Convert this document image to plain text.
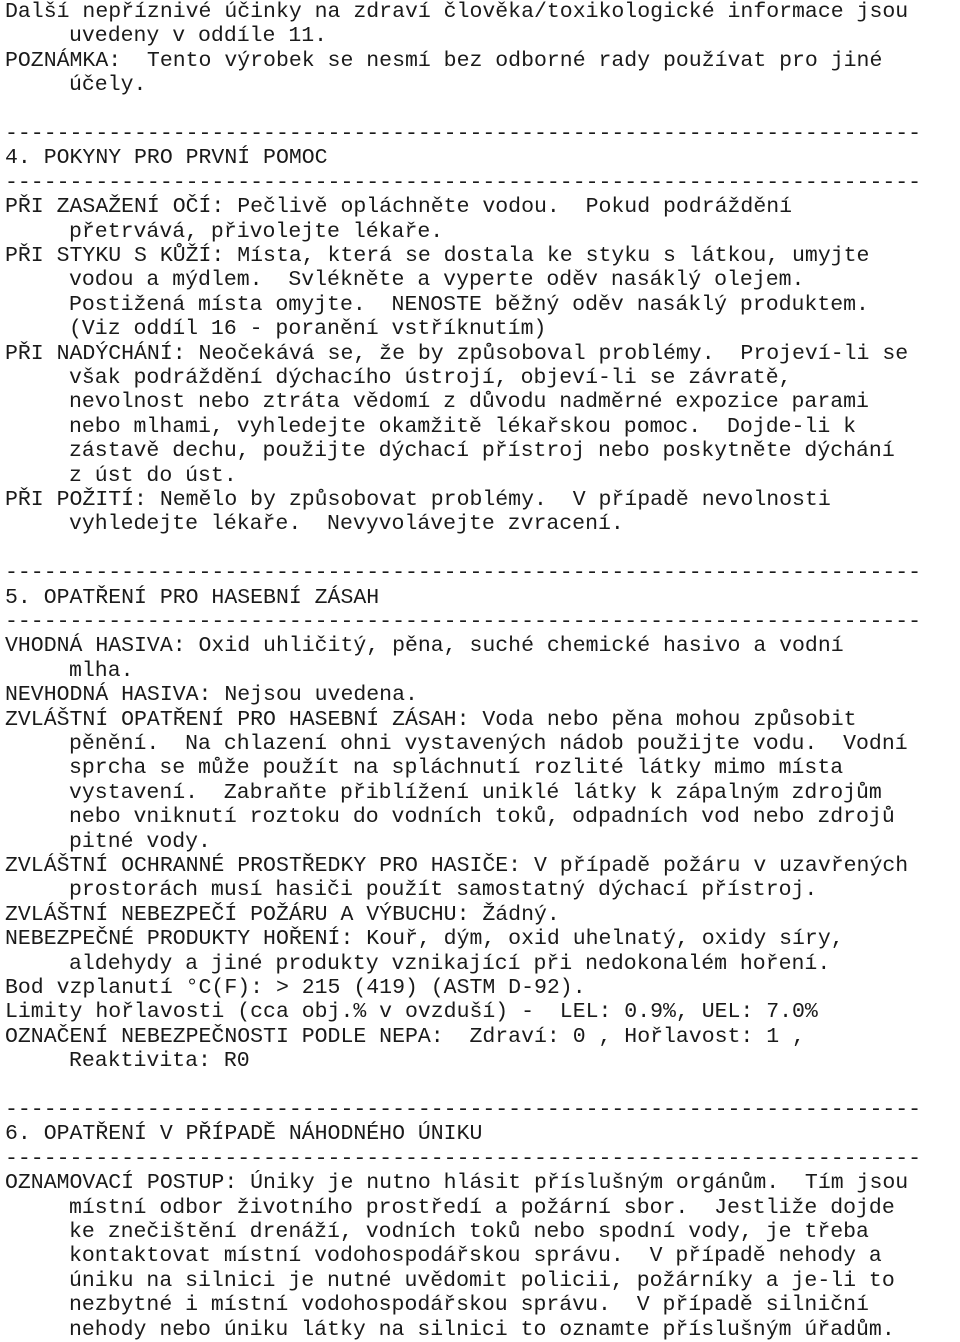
Další nepříznivé účinky na zdraví člověka/toxikologické informace jsou
uvedeny v oddíle 11.
POZNÁMKA:  Tento výrobek se nesmí bez odborné rady používat pro jiné
účely.
-----------------------------------------------------------------------
4. POKYNY PRO PRVNÍ POMOC
-----------------------------------------------------------------------
PŘI ZASAŽENÍ OČÍ: Pečlivě opláchněte vodou.  Pokud podráždění
přetrvává, přivolejte lékaře.
PŘI STYKU S KŮŽÍ: Místa, která se dostala ke styku s látkou, umyjte
vodou a mýdlem.  Svlékněte a vyperte oděv nasáklý olejem.
Postižená místa omyjte.  NENOSTE běžný oděv nasáklý produktem.
(Viz oddíl 16 - poranění vstříknutím)
PŘI NADÝCHÁNÍ: Neočekává se, že by způsoboval problémy.  Projeví-li se
však podráždění dýchacího ústrojí, objeví-li se závratě,
nevolnost nebo ztráta vědomí z důvodu nadměrné expozice parami
nebo mlhami, vyhledejte okamžitě lékařskou pomoc.  Dojde-li k
zástavě dechu, použijte dýchací přístroj nebo poskytněte dýchání
z úst do úst.
PŘI POŽITÍ: Nemělo by způsobovat problémy.  V případě nevolnosti
vyhledejte lékaře.  Nevyvolávejte zvracení.
-----------------------------------------------------------------------
5. OPATŘENÍ PRO HASEBNÍ ZÁSAH
-----------------------------------------------------------------------
VHODNÁ HASIVA: Oxid uhličitý, pěna, suché chemické hasivo a vodní
mlha.
NEVHODNÁ HASIVA: Nejsou uvedena.
ZVLÁŠTNÍ OPATŘENÍ PRO HASEBNÍ ZÁSAH: Voda nebo pěna mohou způsobit
pěnění.  Na chlazení ohni vystavených nádob použijte vodu.  Vodní
sprcha se může použít na spláchnutí rozlité látky mimo místa
vystavení.  Zabraňte přiblížení uniklé látky k zápalným zdrojům
nebo vniknutí roztoku do vodních toků, odpadních vod nebo zdrojů
pitné vody.
ZVLÁŠTNÍ OCHRANNÉ PROSTŘEDKY PRO HASIČE: V případě požáru v uzavřených
prostorách musí hasiči použít samostatný dýchací přístroj.
ZVLÁŠTNÍ NEBEZPEČÍ POŽÁRU A VÝBUCHU: Žádný.
NEBEZPEČNÉ PRODUKTY HOŘENÍ: Kouř, dým, oxid uhelnatý, oxidy síry,
aldehydy a jiné produkty vznikající při nedokonalém hoření.
Bod vzplanutí °C(F): > 215 (419) (ASTM D-92).
Limity hořlavosti (cca obj.% v ovzduší) -  LEL: 0.9%, UEL: 7.0%
OZNAČENÍ NEBEZPEČNOSTI PODLE NEPA:  Zdraví: 0 , Hořlavost: 1 ,
Reaktivita: R0
-----------------------------------------------------------------------
6. OPATŘENÍ V PŘÍPADĚ NÁHODNÉHO ÚNIKU
-----------------------------------------------------------------------
OZNAMOVACÍ POSTUP: Úniky je nutno hlásit příslušným orgánům.  Tím jsou
místní odbor životního prostředí a požární sbor.  Jestliže dojde
ke znečištění drenáží, vodních toků nebo spodní vody, je třeba
kontaktovat místní vodohospodářskou správu.  V případě nehody a
úniku na silnici je nutné uvědomit policii, požárníky a je-li to
nezbytné i místní vodohospodářskou správu.  V případě silniční
nehody nebo úniku látky na silnici to oznamte příslušným úřadům.
